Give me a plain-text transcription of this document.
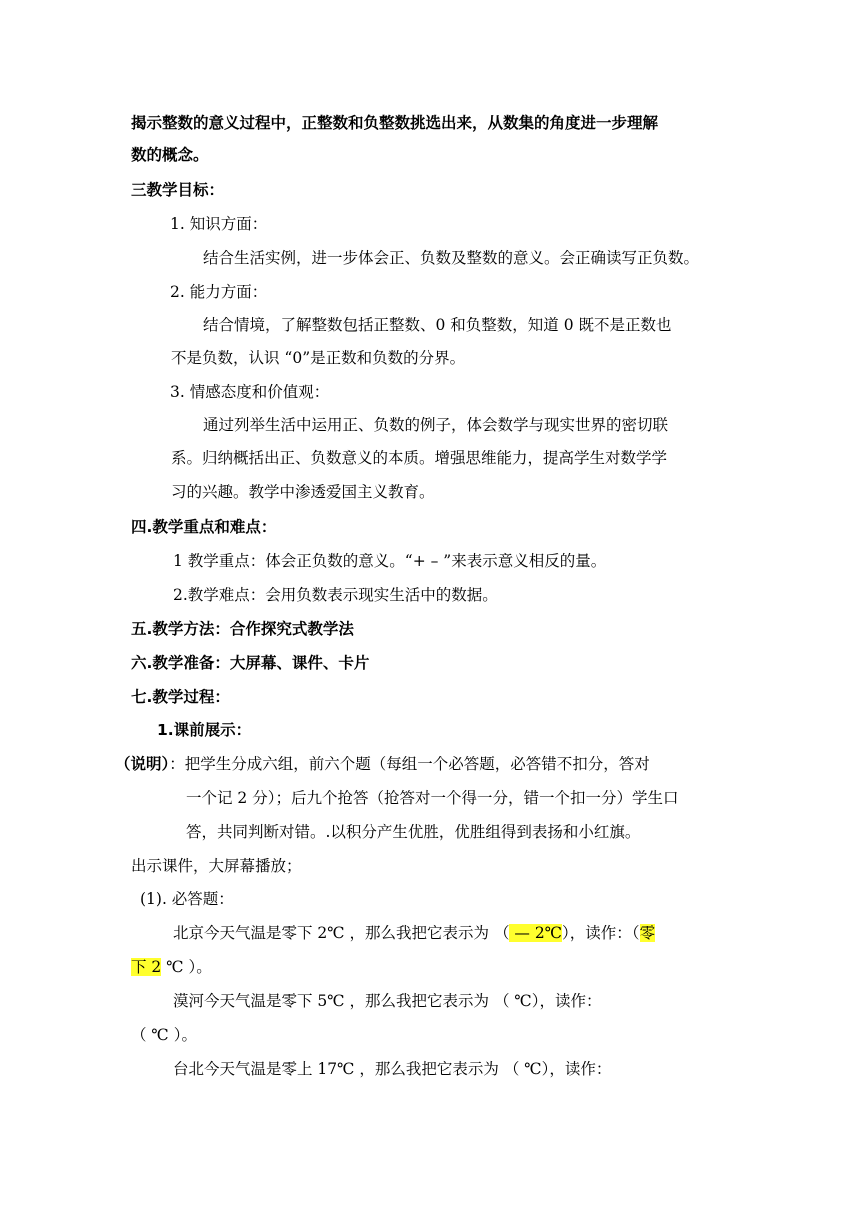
揭示整数的意义过程中，正整数和负整数挑选出来，从数集的角度进一步理解
数的概念。
三教学目标：
1. 知识方面：
结合生活实例，进一步体会正、负数及整数的意义。会正确读写正负数。
2. 能力方面：
结合情境，了解整数包括正整数、0 和负整数，知道 0 既不是正数也
不是负数，认识 “0”是正数和负数的分界。
3. 情感态度和价值观：
通过列举生活中运用正、负数的例子，体会数学与现实世界的密切联
系。归纳概括出正、负数意义的本质。增强思维能力，提高学生对数学学
习的兴趣。教学中渗透爱国主义教育。
四.教学重点和难点：
1 教学重点：体会正负数的意义。“+ – ”来表示意义相反的量。
2.教学难点：会用负数表示现实生活中的数据。
五.教学方法：合作探究式教学法
六.教学准备：大屏幕、课件、卡片
七.教学过程：
1.课前展示：
（说明）：把学生分成六组，前六个题（每组一个必答题，必答错不扣分，答对
一个记 2 分）；后九个抢答（抢答对一个得一分，错一个扣一分）学生口
答，共同判断对错。.以积分产生优胜，优胜组得到表扬和小红旗。
出示课件，大屏幕播放；
(1). 必答题：
北京今天气温是零下 2℃ ，那么我把它表示为 （ — 2℃），读作：（零
下 2 ℃ ）。
漠河今天气温是零下 5℃ ，那么我把它表示为 （ ℃），读作：
（ ℃ ）。
台北今天气温是零上 17℃ ，那么我把它表示为 （ ℃），读作：
